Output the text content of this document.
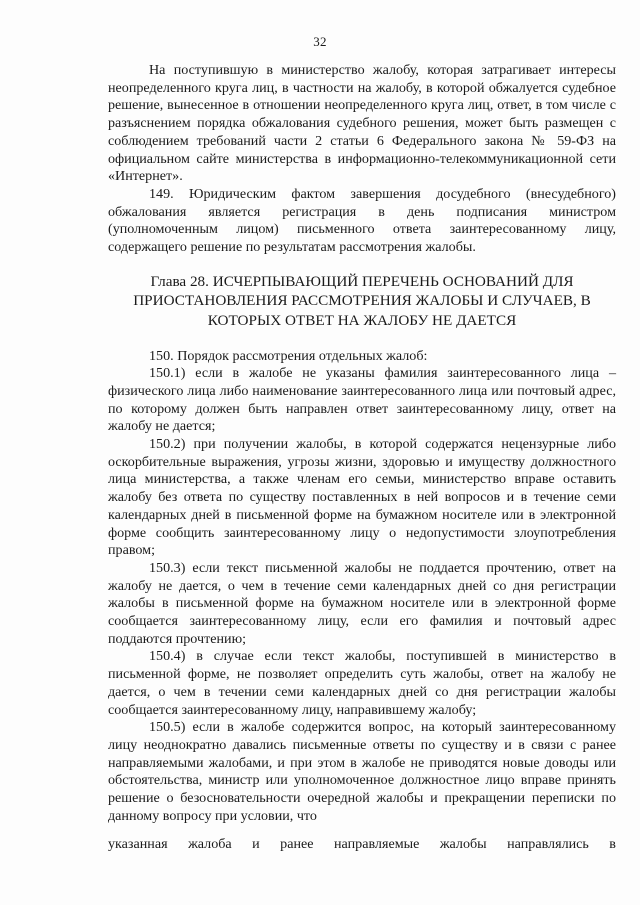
32

На поступившую в министерство жалобу, которая затрагивает интересы неопределенного круга лиц, в частности на жалобу, в которой обжалуется судебное решение, вынесенное в отношении неопределенного круга лиц, ответ, в том числе с разъяснением порядка обжалования судебного решения, может быть размещен с соблюдением требований части 2 статьи 6 Федерального закона № 59-ФЗ на официальном сайте министерства в информационно-телекоммуникационной сети «Интернет».

149. Юридическим фактом завершения досудебного (внесудебного) обжалования является регистрация в день подписания министром (уполномоченным лицом) письменного ответа заинтересованному лицу, содержащего решение по результатам рассмотрения жалобы.

Глава 28. ИСЧЕРПЫВАЮЩИЙ ПЕРЕЧЕНЬ ОСНОВАНИЙ ДЛЯ
ПРИОСТАНОВЛЕНИЯ РАССМОТРЕНИЯ ЖАЛОБЫ И СЛУЧАЕВ, В
КОТОРЫХ ОТВЕТ НА ЖАЛОБУ НЕ ДАЕТСЯ

150. Порядок рассмотрения отдельных жалоб:

150.1) если в жалобе не указаны фамилия заинтересованного лица – физического лица либо наименование заинтересованного лица или почтовый адрес, по которому должен быть направлен ответ заинтересованному лицу, ответ на жалобу не дается;

150.2) при получении жалобы, в которой содержатся нецензурные либо оскорбительные выражения, угрозы жизни, здоровью и имуществу должностного лица министерства, а также членам его семьи, министерство вправе оставить жалобу без ответа по существу поставленных в ней вопросов и в течение семи календарных дней в письменной форме на бумажном носителе или в электронной форме сообщить заинтересованному лицу о недопустимости злоупотребления правом;

150.3) если текст письменной жалобы не поддается прочтению, ответ на жалобу не дается, о чем в течение семи календарных дней со дня регистрации жалобы в письменной форме на бумажном носителе или в электронной форме сообщается заинтересованному лицу, если его фамилия и почтовый адрес поддаются прочтению;

150.4) в случае если текст жалобы, поступившей в министерство в письменной форме, не позволяет определить суть жалобы, ответ на жалобу не дается, о чем в течении семи календарных дней со дня регистрации жалобы сообщается заинтересованному лицу, направившему жалобу;

150.5) если в жалобе содержится вопрос, на который заинтересованному лицу неоднократно давались письменные ответы по существу и в связи с ранее направляемыми жалобами, и при этом в жалобе не приводятся новые доводы или обстоятельства, министр или уполномоченное должностное лицо вправе принять решение о безосновательности очередной жалобы и прекращении переписки по данному вопросу при условии, что

указанная жалоба и ранее направляемые жалобы направлялись в
